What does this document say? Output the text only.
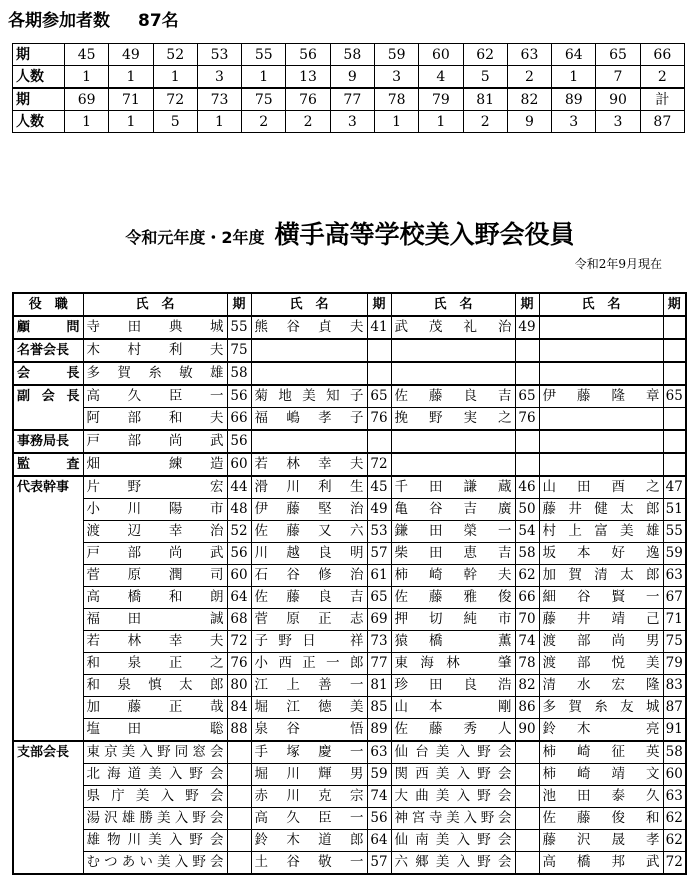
各期参加者数 87名
期	45	49	52	53	55	56	58	59	60	62	63	64	65	66
人数	1	1	1	3	1	13	9	3	4	5	2	1	7	2
期	69	71	72	73	75	76	77	78	79	81	82	89	90	計
人数	1	1	5	1	2	2	3	1	1	2	9	3	3	87
令和元年度・2年度 横手高等学校美入野会役員
令和2年9月現在
役　職	氏　名	期	氏　名	期	氏　名	期	氏　名	期
顧　問	寺田典城	55	熊谷貞夫	41	武茂礼治	49		
名誉会長	木村利夫	75						
会　長	多賀糸敏雄	58						
副会長	高久臣一	56	菊地美知子	65	佐藤良吉	65	伊藤隆章	65
	阿部和夫	66	福嶋孝子	76	挽野実之	76		
事務局長	戸部尚武	56						
監　査	畑　練造	60	若林幸夫	72				
代表幹事	片野　宏	44	滑川利生	45	千田謙蔵	46	山田酉之	47
	小川陽市	48	伊藤堅治	49	亀谷吉廣	50	藤井健太郎	51
	渡辺幸治	52	佐藤又六	53	鎌田榮一	54	村上富美雄	55
	戸部尚武	56	川越良明	57	柴田恵吉	58	坂本好逸	59
	菅原潤司	60	石谷修治	61	柿崎幹夫	62	加賀清太郎	63
	高橋和朗	64	佐藤良吉	65	佐藤雅俊	66	細谷賢一	67
	福田　誠	68	菅原正志	69	押切純市	70	藤井靖己	71
	若林幸夫	72	子野日　祥	73	猿橋　薫	74	渡部尚男	75
	和泉正之	76	小西正一郎	77	東海林　肇	78	渡部悦美	79
	和泉慎太郎	80	江上善一	81	珍田良浩	82	清水宏隆	83
	加藤正哉	84	堀江徳美	85	山本　剛	86	多賀糸友城	87
	塩田　聡	88	泉谷　悟	89	佐藤秀人	90	鈴木　亮	91
支部会長	東京美入野同窓会		手塚慶一	63	仙台美入野会		柿崎征英	58
	北海道美入野会		堀川輝男	59	関西美入野会		柿崎靖文	60
	県庁美入野会		赤川克宗	74	大曲美入野会		池田泰久	63
	湯沢雄勝美入野会		高久臣一	56	神宮寺美入野会		佐藤俊和	62
	雄物川美入野会		鈴木道郎	64	仙南美入野会		藤沢晟孝	62
	むつあい美入野会		土谷敬一	57	六郷美入野会		高橋邦武	72
